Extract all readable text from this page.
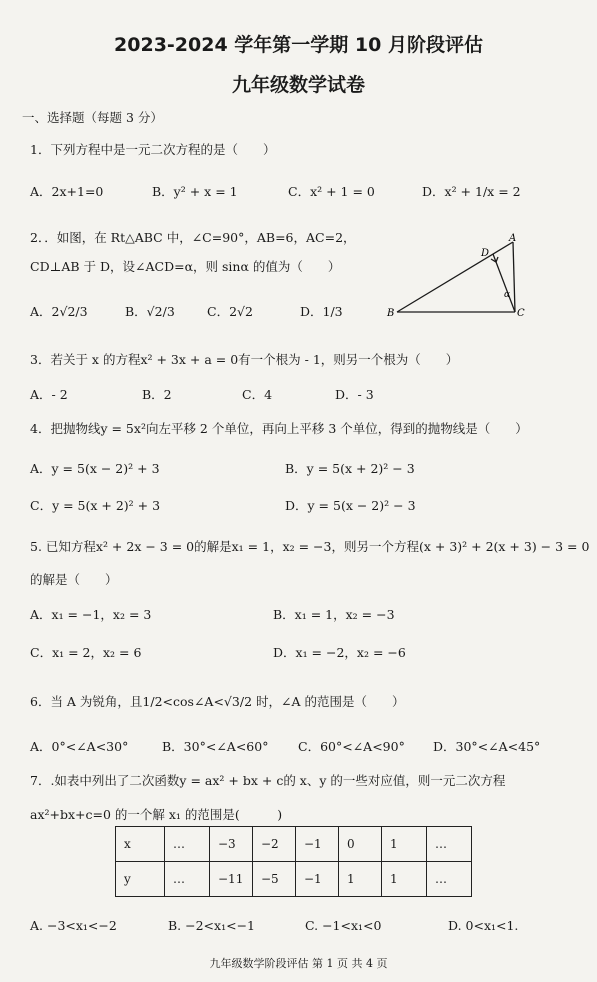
2023-2024 学年第一学期 10 月阶段评估
九年级数学试卷
一、选择题（每题 3 分）
1．下列方程中是一元二次方程的是（　　）
A．2x+1=0	B．y² + x = 1	C．x² + 1 = 0	D．x² + 1/x = 2
2．．如图，在 Rt△ABC 中，∠C=90°，AB=6，AC=2，
CD⊥AB 于 D，设∠ACD=α，则 sinα 的值为（　　）
A．2√2/3	B．√2/3	C．2√2	D．1/3
A
B	C
D
α
3．若关于 x 的方程x² + 3x + a = 0有一个根为 - 1，则另一个根为（　　）
A．- 2	B．2	C．4	D．- 3
4．把抛物线y = 5x²向左平移 2 个单位，再向上平移 3 个单位，得到的抛物线是（　　）
A．y = 5(x − 2)² + 3	B．y = 5(x + 2)² − 3
C．y = 5(x + 2)² + 3	D．y = 5(x − 2)² − 3
5. 已知方程x² + 2x − 3 = 0的解是x₁ = 1，x₂ = −3，则另一个方程(x + 3)² + 2(x + 3) − 3 = 0
的解是（　　）
A．x₁ = −1，x₂ = 3	B．x₁ = 1，x₂ = −3
C．x₁ = 2，x₂ = 6	D．x₁ = −2，x₂ = −6
6．当 A 为锐角，且1/2<cos∠A<√3/2 时，∠A 的范围是（　　）
A．0°<∠A<30°	B．30°<∠A<60° C．60°<∠A<90° D．30°<∠A<45°
7．.如表中列出了二次函数y = ax² + bx + c的 x、y 的一些对应值，则一元二次方程
ax²+bx+c=0 的一个解 x₁ 的范围是(　　　)
x	…	−3	−2	−1	0	1	…
y	…	−11	−5	−1	1	1	…
A. −3<x₁<−2	B. −2<x₁<−1	C. −1<x₁<0	D. 0<x₁<1.
九年级数学阶段评估 第 1 页 共 4 页
